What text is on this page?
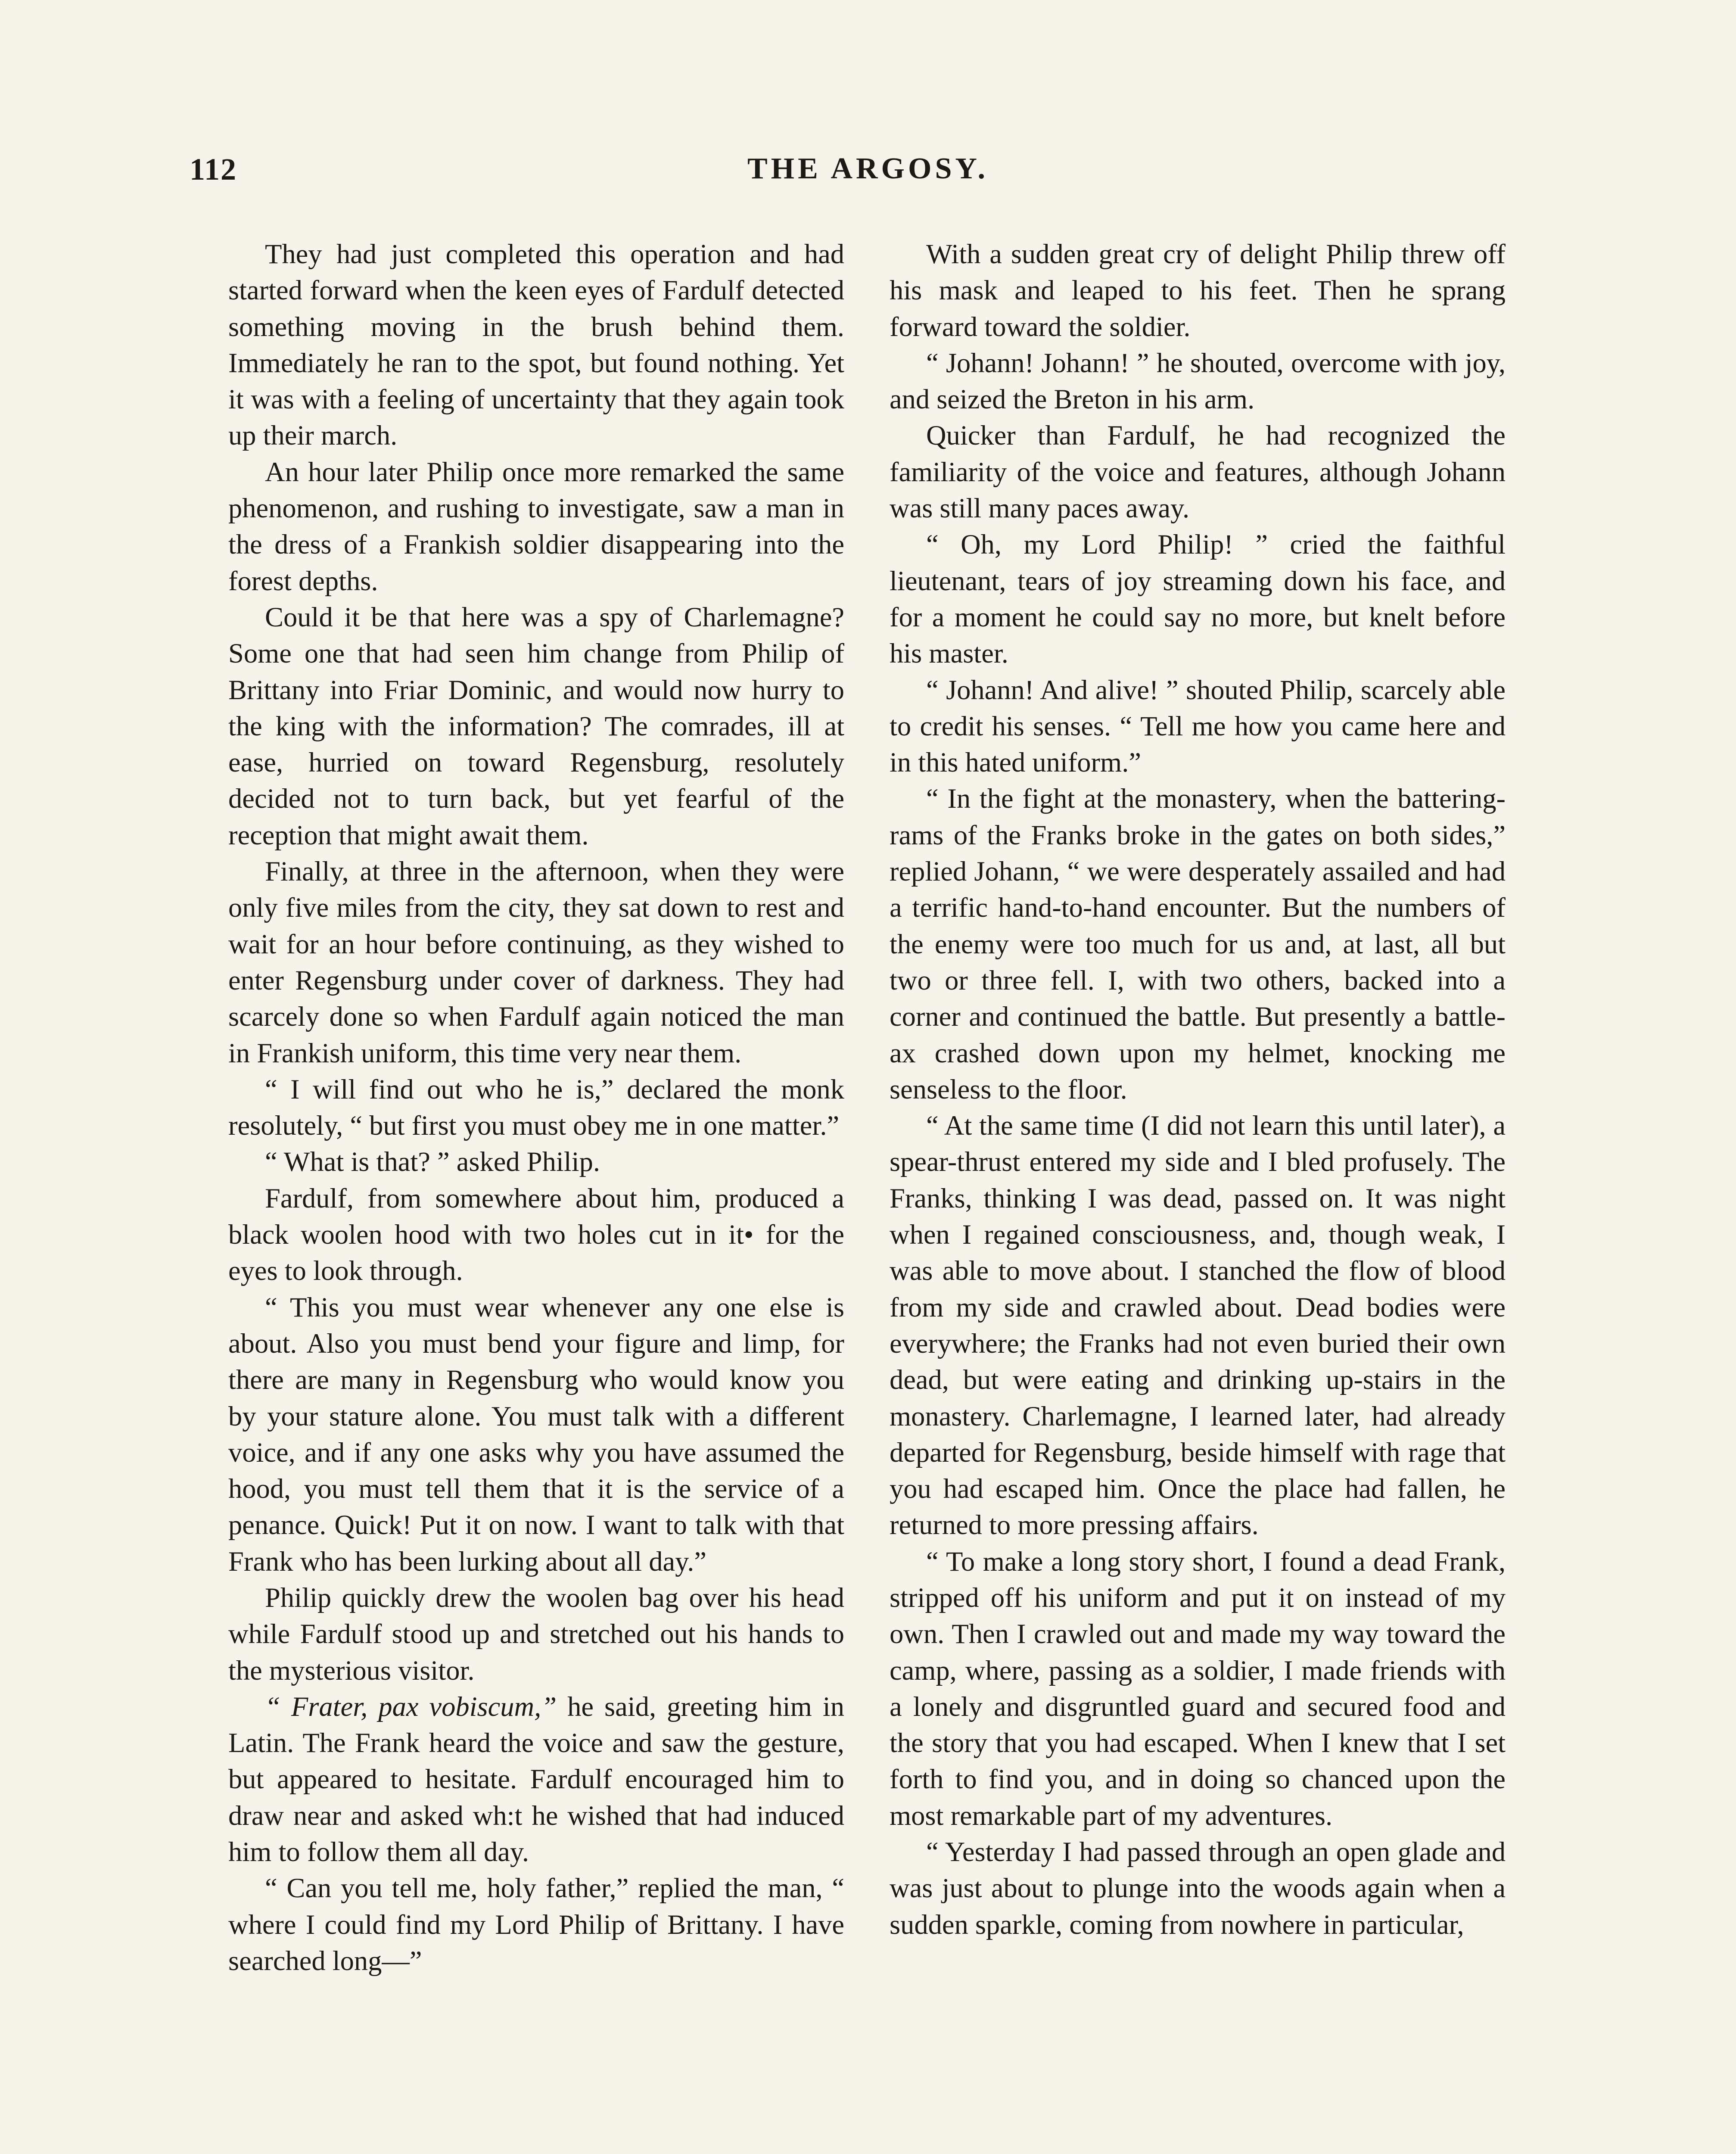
112	THE ARGOSY.

They had just completed this operation and had started forward when the keen eyes of Fardulf detected something moving in the brush behind them. Immediately he ran to the spot, but found nothing. Yet it was with a feeling of uncertainty that they again took up their march.

An hour later Philip once more remarked the same phenomenon, and rushing to investigate, saw a man in the dress of a Frankish soldier disappearing into the forest depths.

Could it be that here was a spy of Charlemagne? Some one that had seen him change from Philip of Brittany into Friar Dominic, and would now hurry to the king with the information? The comrades, ill at ease, hurried on toward Regensburg, resolutely decided not to turn back, but yet fearful of the reception that might await them.

Finally, at three in the afternoon, when they were only five miles from the city, they sat down to rest and wait for an hour before continuing, as they wished to enter Regensburg under cover of darkness. They had scarcely done so when Fardulf again noticed the man in Frankish uniform, this time very near them.

“ I will find out who he is,” declared the monk resolutely, “ but first you must obey me in one matter.”

“ What is that? ” asked Philip.

Fardulf, from somewhere about him, produced a black woolen hood with two holes cut in it• for the eyes to look through.

“ This you must wear whenever any one else is about. Also you must bend your figure and limp, for there are many in Regensburg who would know you by your stature alone. You must talk with a different voice, and if any one asks why you have assumed the hood, you must tell them that it is the service of a penance. Quick! Put it on now. I want to talk with that Frank who has been lurking about all day.”

Philip quickly drew the woolen bag over his head while Fardulf stood up and stretched out his hands to the mysterious visitor.

“ Frater, pax vobiscum,” he said, greeting him in Latin. The Frank heard the voice and saw the gesture, but appeared to hesitate. Fardulf encouraged him to draw near and asked wh:t he wished that had induced him to follow them all day.

“ Can you tell me, holy father,” replied the man, “ where I could find my Lord Philip of Brittany. I have searched long—”

With a sudden great cry of delight Philip threw off his mask and leaped to his feet. Then he sprang forward toward the soldier.

“ Johann! Johann! ” he shouted, overcome with joy, and seized the Breton in his arm.

Quicker than Fardulf, he had recognized the familiarity of the voice and features, although Johann was still many paces away.

“ Oh, my Lord Philip! ” cried the faithful lieutenant, tears of joy streaming down his face, and for a moment he could say no more, but knelt before his master.

“ Johann! And alive! ” shouted Philip, scarcely able to credit his senses. “ Tell me how you came here and in this hated uniform.”

“ In the fight at the monastery, when the battering-rams of the Franks broke in the gates on both sides,” replied Johann, “ we were desperately assailed and had a terrific hand-to-hand encounter. But the numbers of the enemy were too much for us and, at last, all but two or three fell. I, with two others, backed into a corner and continued the battle. But presently a battle-ax crashed down upon my helmet, knocking me senseless to the floor.

“ At the same time (I did not learn this until later), a spear-thrust entered my side and I bled profusely. The Franks, thinking I was dead, passed on. It was night when I regained consciousness, and, though weak, I was able to move about. I stanched the flow of blood from my side and crawled about. Dead bodies were everywhere; the Franks had not even buried their own dead, but were eating and drinking up-stairs in the monastery. Charlemagne, I learned later, had already departed for Regensburg, beside himself with rage that you had escaped him. Once the place had fallen, he returned to more pressing affairs.

“ To make a long story short, I found a dead Frank, stripped off his uniform and put it on instead of my own. Then I crawled out and made my way toward the camp, where, passing as a soldier, I made friends with a lonely and disgruntled guard and secured food and the story that you had escaped. When I knew that I set forth to find you, and in doing so chanced upon the most remarkable part of my adventures.

“ Yesterday I had passed through an open glade and was just about to plunge into the woods again when a sudden sparkle, coming from nowhere in particular,
